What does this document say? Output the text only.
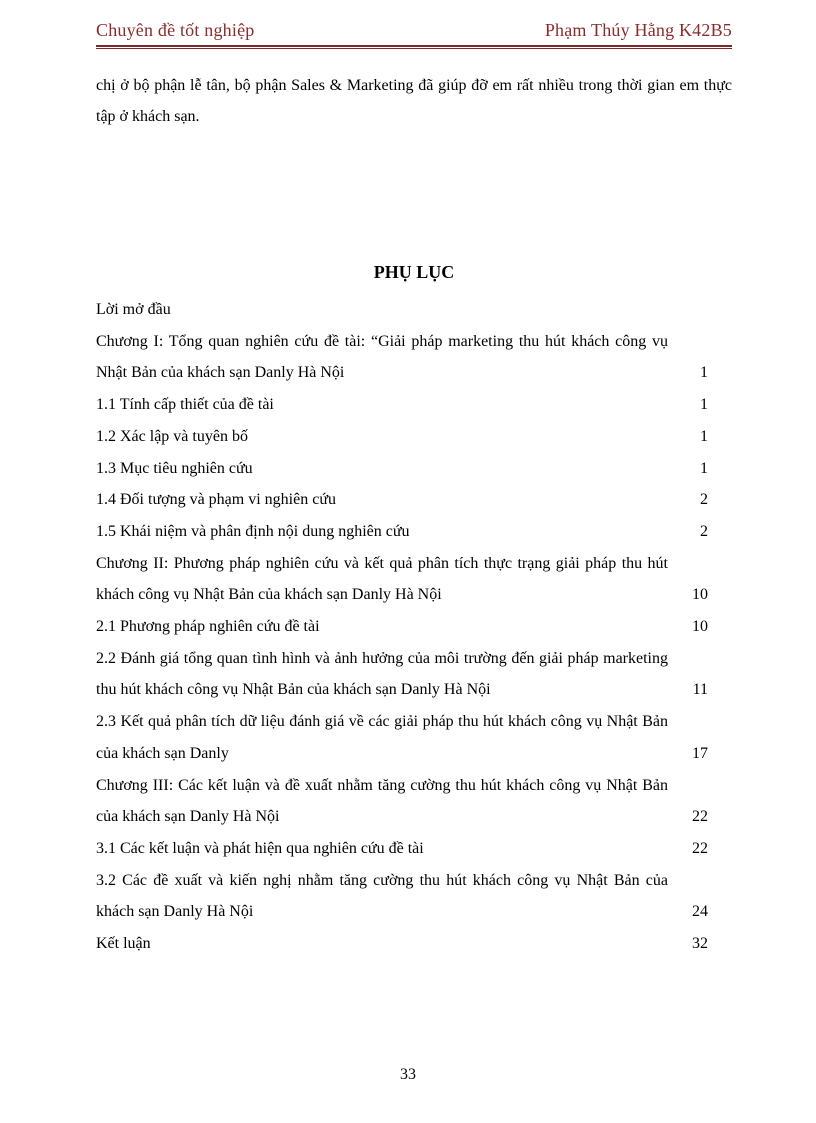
Chuyên đề tốt nghiệp	Phạm Thúy Hằng K42B5
chị ở bộ phận lễ tân, bộ phận Sales & Marketing đã giúp đỡ em rất nhiều trong thời gian em thực tập ở khách sạn.
PHỤ LỤC
Lời mở đầu
Chương I: Tổng quan nghiên cứu đề tài: “Giải pháp marketing thu hút khách công vụ Nhật Bản của khách sạn Danly Hà Nội	1
1.1 Tính cấp thiết của đề tài	1
1.2 Xác lập và tuyên bố	1
1.3 Mục tiêu nghiên cứu	1
1.4 Đối tượng và phạm vi nghiên cứu	2
1.5 Khái niệm và phân định nội dung nghiên cứu	2
Chương II: Phương pháp nghiên cứu và kết quả phân tích thực trạng giải pháp thu hút khách công vụ Nhật Bản của khách sạn Danly Hà Nội	10
2.1 Phương pháp nghiên cứu đề tài	10
2.2 Đánh giá tổng quan tình hình và ảnh hưởng của môi trường đến giải pháp marketing thu hút khách công vụ Nhật Bản của khách sạn Danly Hà Nội	11
2.3 Kết quả phân tích dữ liệu đánh giá về các giải pháp thu hút khách công vụ Nhật Bản của khách sạn Danly	17
Chương III: Các kết luận và đề xuất nhằm tăng cường thu hút khách công vụ Nhật Bản của khách sạn Danly Hà Nội	22
3.1 Các kết luận và phát hiện qua nghiên cứu đề tài	22
3.2 Các đề xuất và kiến nghị nhằm tăng cường thu hút khách công vụ Nhật Bản của khách sạn Danly Hà Nội	24
Kết luận	32
33
